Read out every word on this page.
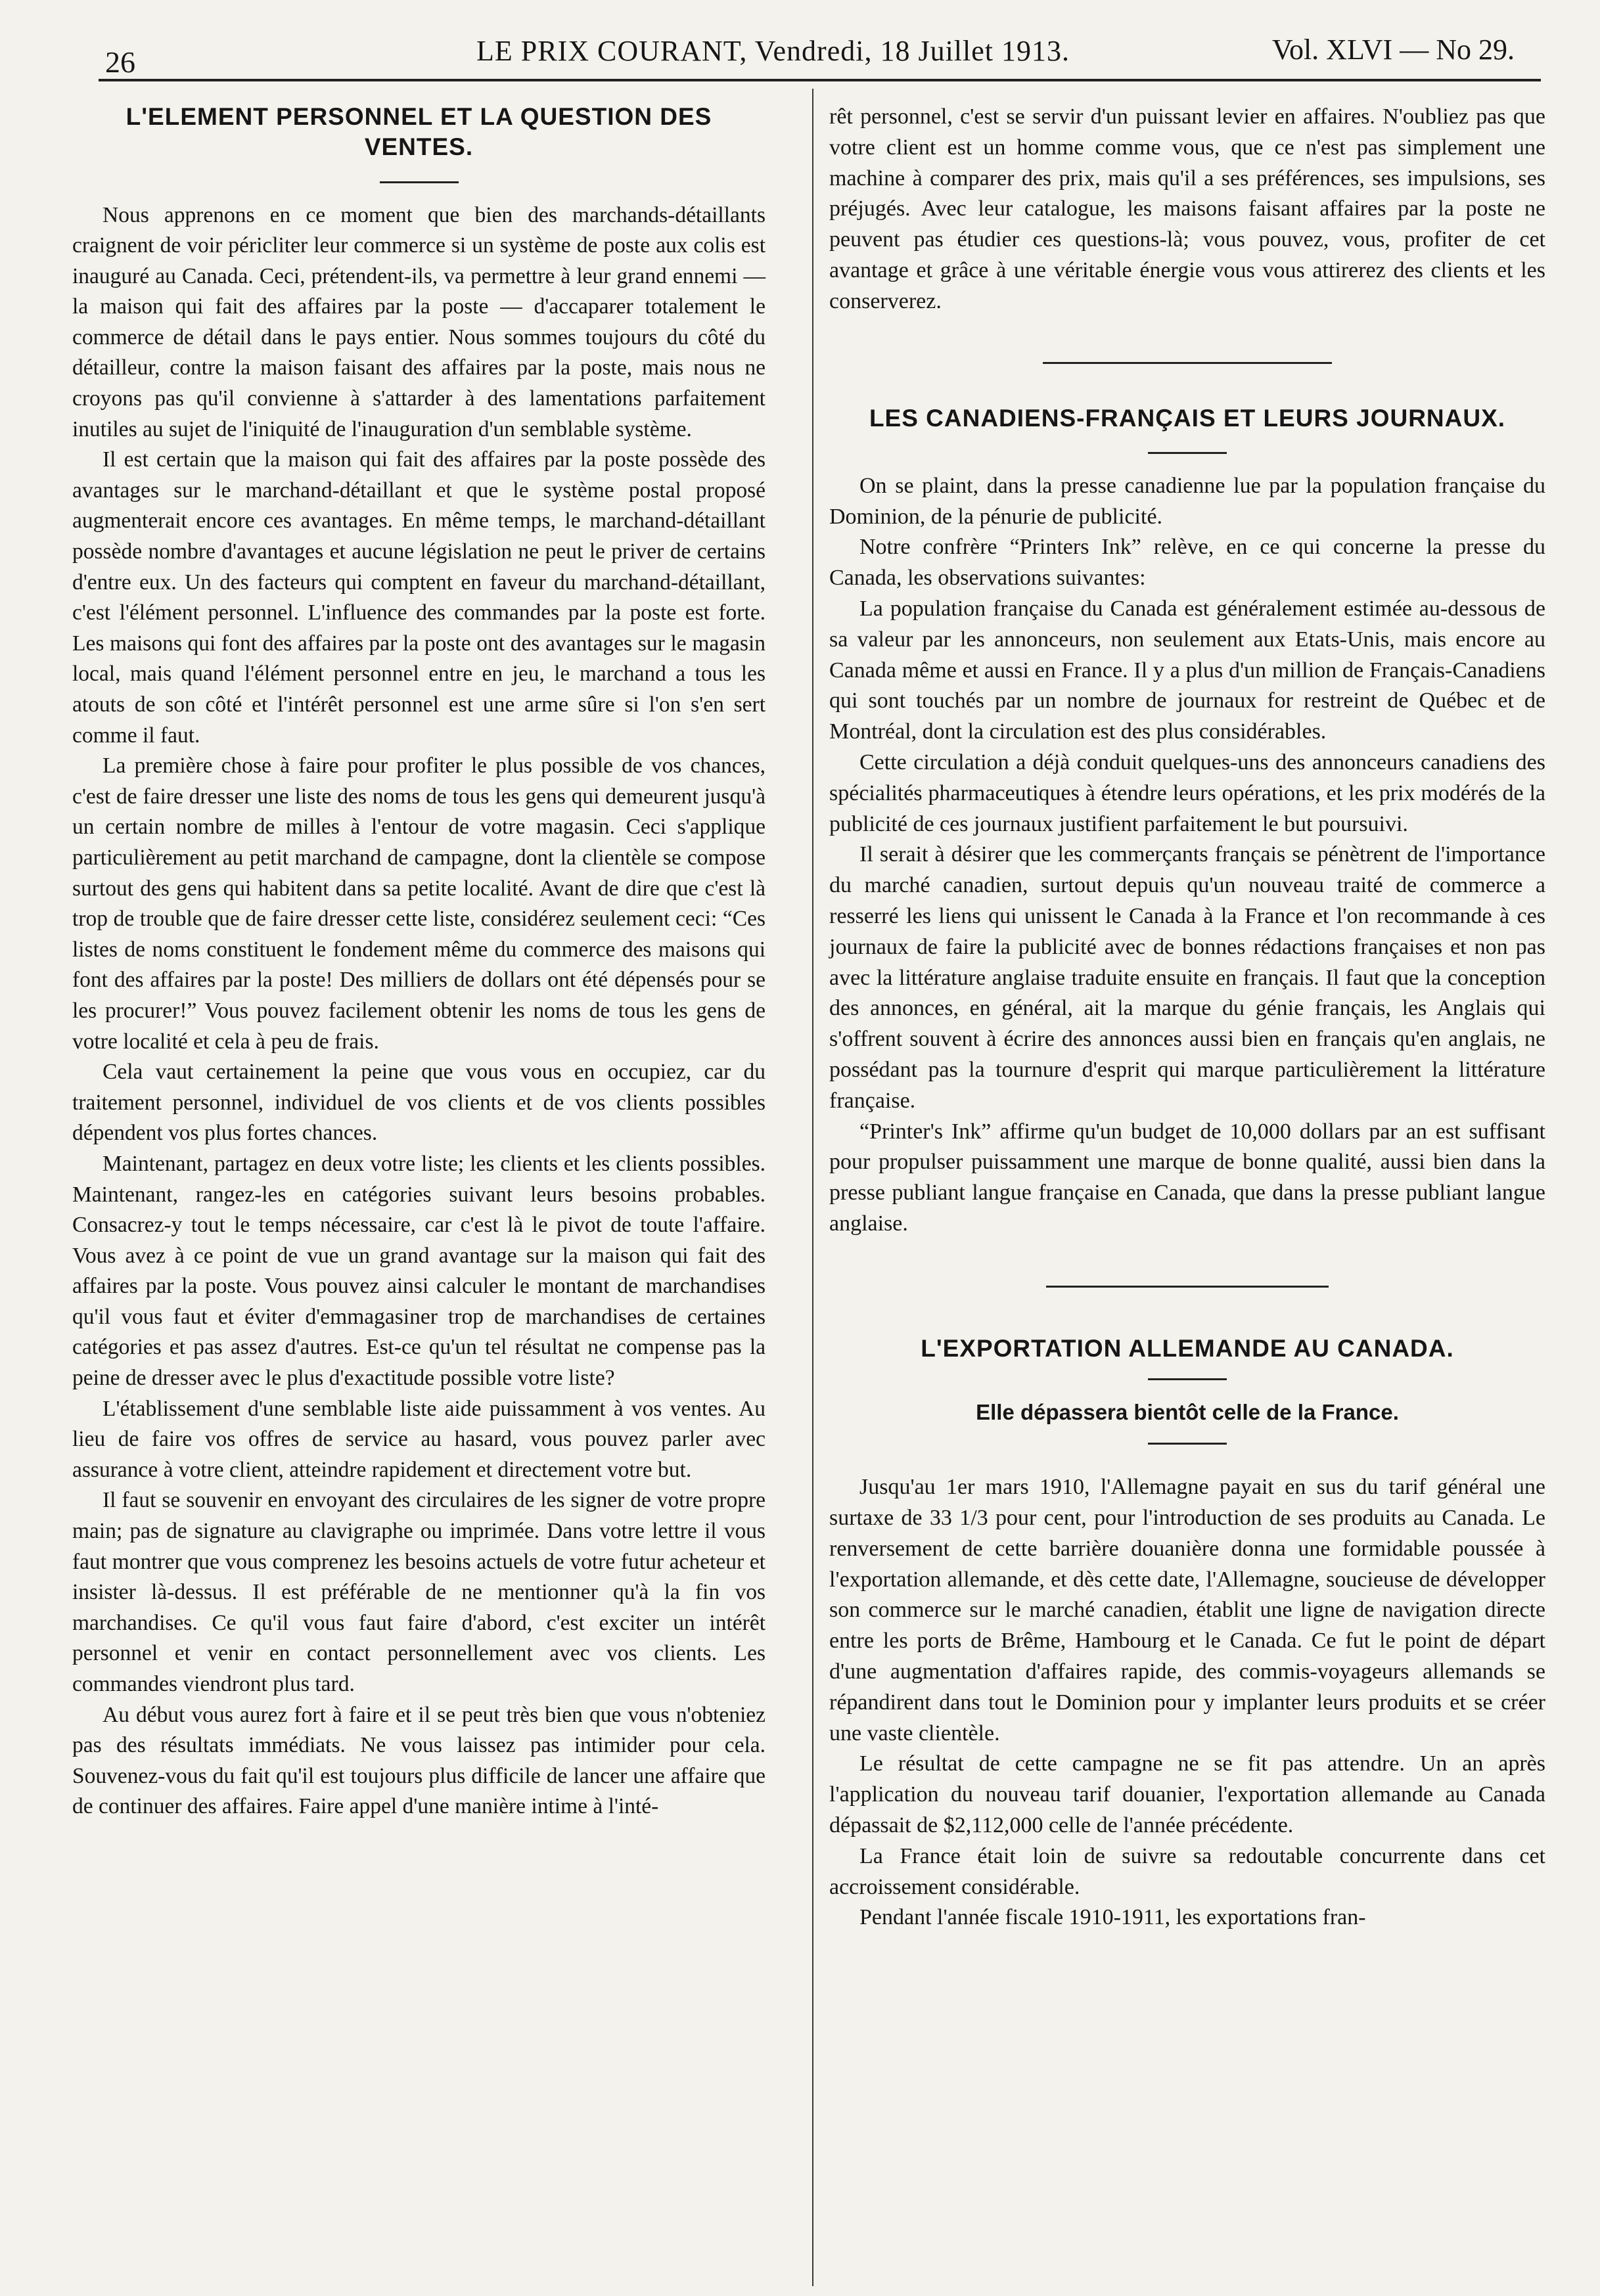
26	LE PRIX COURANT, Vendredi, 18 Juillet 1913.	Vol. XLVI — No 29.
L'ELEMENT PERSONNEL ET LA QUESTION DES VENTES.

Nous apprenons en ce moment que bien des marchands-détaillants craignent de voir péricliter leur commerce si un système de poste aux colis est inauguré au Canada. Ceci, prétendent-ils, va permettre à leur grand ennemi — la maison qui fait des affaires par la poste — d'accaparer totalement le commerce de détail dans le pays entier. Nous sommes toujours du côté du détailleur, contre la maison faisant des affaires par la poste, mais nous ne croyons pas qu'il convienne à s'attarder à des lamentations parfaitement inutiles au sujet de l'iniquité de l'inauguration d'un semblable système.

Il est certain que la maison qui fait des affaires par la poste possède des avantages sur le marchand-détaillant et que le système postal proposé augmenterait encore ces avantages. En même temps, le marchand-détaillant possède nombre d'avantages et aucune législation ne peut le priver de certains d'entre eux. Un des facteurs qui comptent en faveur du marchand-détaillant, c'est l'élément personnel. L'influence des commandes par la poste est forte. Les maisons qui font des affaires par la poste ont des avantages sur le magasin local, mais quand l'élément personnel entre en jeu, le marchand a tous les atouts de son côté et l'intérêt personnel est une arme sûre si l'on s'en sert comme il faut.

La première chose à faire pour profiter le plus possible de vos chances, c'est de faire dresser une liste des noms de tous les gens qui demeurent jusqu'à un certain nombre de milles à l'entour de votre magasin. Ceci s'applique particulièrement au petit marchand de campagne, dont la clientèle se compose surtout des gens qui habitent dans sa petite localité. Avant de dire que c'est là trop de trouble que de faire dresser cette liste, considérez seulement ceci: “Ces listes de noms constituent le fondement même du commerce des maisons qui font des affaires par la poste! Des milliers de dollars ont été dépensés pour se les procurer!” Vous pouvez facilement obtenir les noms de tous les gens de votre localité et cela à peu de frais.

Cela vaut certainement la peine que vous vous en occupiez, car du traitement personnel, individuel de vos clients et de vos clients possibles dépendent vos plus fortes chances.

Maintenant, partagez en deux votre liste; les clients et les clients possibles. Maintenant, rangez-les en catégories suivant leurs besoins probables. Consacrez-y tout le temps nécessaire, car c'est là le pivot de toute l'affaire. Vous avez à ce point de vue un grand avantage sur la maison qui fait des affaires par la poste. Vous pouvez ainsi calculer le montant de marchandises qu'il vous faut et éviter d'emmagasiner trop de marchandises de certaines catégories et pas assez d'autres. Est-ce qu'un tel résultat ne compense pas la peine de dresser avec le plus d'exactitude possible votre liste?

L'établissement d'une semblable liste aide puissamment à vos ventes. Au lieu de faire vos offres de service au hasard, vous pouvez parler avec assurance à votre client, atteindre rapidement et directement votre but.

Il faut se souvenir en envoyant des circulaires de les signer de votre propre main; pas de signature au clavigraphe ou imprimée. Dans votre lettre il vous faut montrer que vous comprenez les besoins actuels de votre futur acheteur et insister là-dessus. Il est préférable de ne mentionner qu'à la fin vos marchandises. Ce qu'il vous faut faire d'abord, c'est exciter un intérêt personnel et venir en contact personnellement avec vos clients. Les commandes viendront plus tard.

Au début vous aurez fort à faire et il se peut très bien que vous n'obteniez pas des résultats immédiats. Ne vous laissez pas intimider pour cela. Souvenez-vous du fait qu'il est toujours plus difficile de lancer une affaire que de continuer des affaires. Faire appel d'une manière intime à l'inté-

rêt personnel, c'est se servir d'un puissant levier en affaires. N'oubliez pas que votre client est un homme comme vous, que ce n'est pas simplement une machine à comparer des prix, mais qu'il a ses préférences, ses impulsions, ses préjugés. Avec leur catalogue, les maisons faisant affaires par la poste ne peuvent pas étudier ces questions-là; vous pouvez, vous, profiter de cet avantage et grâce à une véritable énergie vous vous attirerez des clients et les conserverez.

LES CANADIENS-FRANÇAIS ET LEURS JOURNAUX.

On se plaint, dans la presse canadienne lue par la population française du Dominion, de la pénurie de publicité.

Notre confrère “Printers Ink” relève, en ce qui concerne la presse du Canada, les observations suivantes:

La population française du Canada est généralement estimée au-dessous de sa valeur par les annonceurs, non seulement aux Etats-Unis, mais encore au Canada même et aussi en France. Il y a plus d'un million de Français-Canadiens qui sont touchés par un nombre de journaux for restreint de Québec et de Montréal, dont la circulation est des plus considérables.

Cette circulation a déjà conduit quelques-uns des annonceurs canadiens des spécialités pharmaceutiques à étendre leurs opérations, et les prix modérés de la publicité de ces journaux justifient parfaitement le but poursuivi.

Il serait à désirer que les commerçants français se pénètrent de l'importance du marché canadien, surtout depuis qu'un nouveau traité de commerce a resserré les liens qui unissent le Canada à la France et l'on recommande à ces journaux de faire la publicité avec de bonnes rédactions françaises et non pas avec la littérature anglaise traduite ensuite en français. Il faut que la conception des annonces, en général, ait la marque du génie français, les Anglais qui s'offrent souvent à écrire des annonces aussi bien en français qu'en anglais, ne possédant pas la tournure d'esprit qui marque particulièrement la littérature française.

“Printer's Ink” affirme qu'un budget de 10,000 dollars par an est suffisant pour propulser puissamment une marque de bonne qualité, aussi bien dans la presse publiant langue française en Canada, que dans la presse publiant langue anglaise.

L'EXPORTATION ALLEMANDE AU CANADA.
Elle dépassera bientôt celle de la France.

Jusqu'au 1er mars 1910, l'Allemagne payait en sus du tarif général une surtaxe de 33 1/3 pour cent, pour l'introduction de ses produits au Canada. Le renversement de cette barrière douanière donna une formidable poussée à l'exportation allemande, et dès cette date, l'Allemagne, soucieuse de développer son commerce sur le marché canadien, établit une ligne de navigation directe entre les ports de Brême, Hambourg et le Canada. Ce fut le point de départ d'une augmentation d'affaires rapide, des commis-voyageurs allemands se répandirent dans tout le Dominion pour y implanter leurs produits et se créer une vaste clientèle.

Le résultat de cette campagne ne se fit pas attendre. Un an après l'application du nouveau tarif douanier, l'exportation allemande au Canada dépassait de $2,112,000 celle de l'année précédente.

La France était loin de suivre sa redoutable concurrente dans cet accroissement considérable.

Pendant l'année fiscale 1910-1911, les exportations fran-
